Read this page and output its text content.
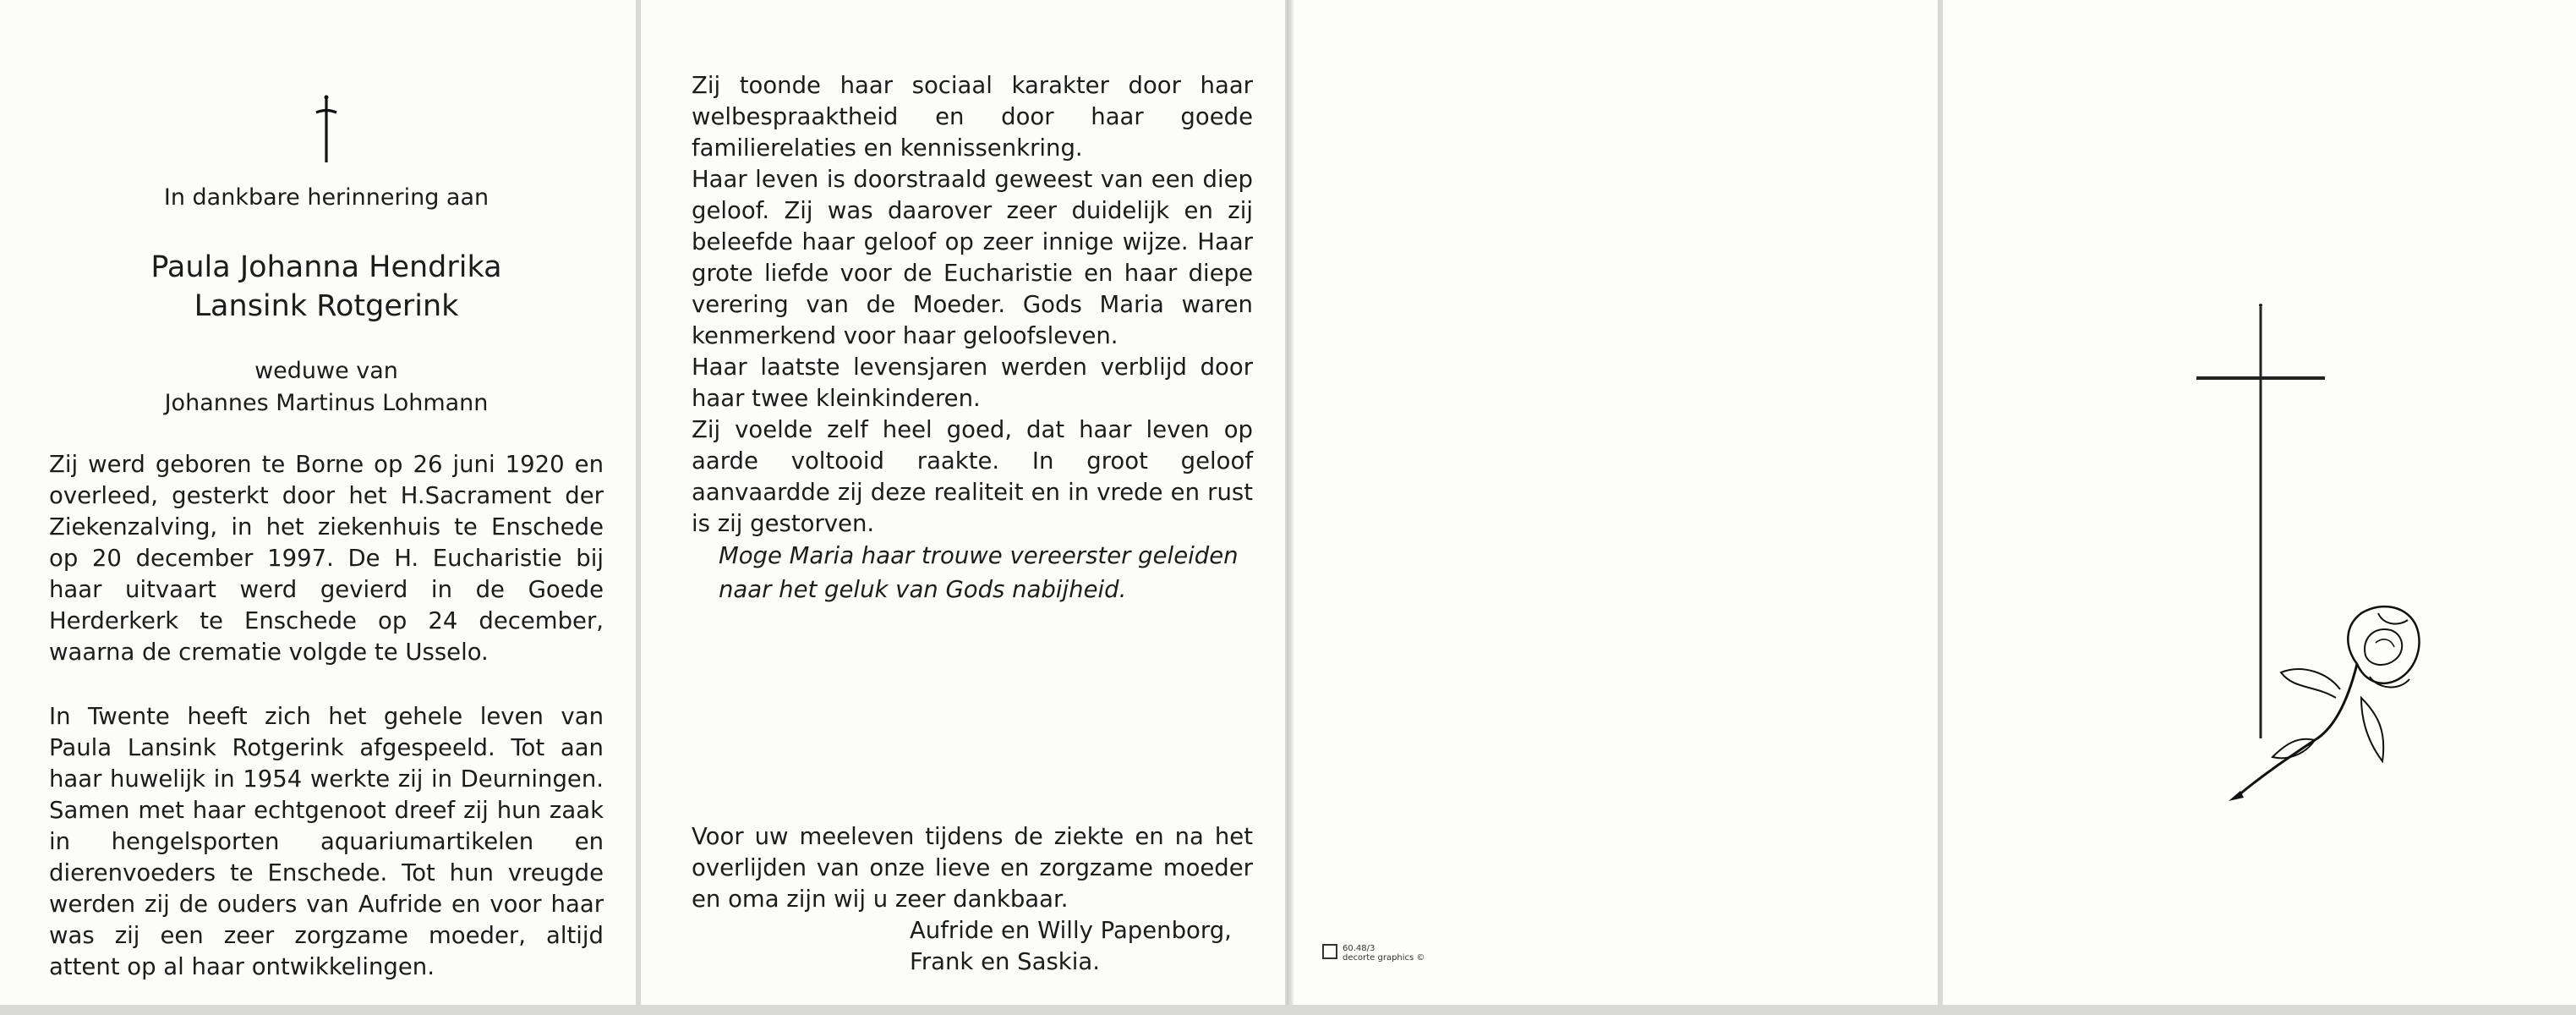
In dankbare herinnering aan
Paula Johanna Hendrika
Lansink Rotgerink
weduwe van
Johannes Martinus Lohmann

Zij werd geboren te Borne op 26 juni 1920 en overleed, gesterkt door het H.Sacrament der Ziekenzalving, in het ziekenhuis te Enschede op 20 december 1997. De H. Eucharistie bij haar uitvaart werd gevierd in de Goede Herderkerk te Enschede op 24 december, waarna de crematie volgde te Usselo.

In Twente heeft zich het gehele leven van Paula Lansink Rotgerink afgespeeld. Tot aan haar huwelijk in 1954 werkte zij in Deurningen. Samen met haar echtgenoot dreef zij hun zaak in hengelsporten aquariumartikelen en dierenvoeders te Enschede. Tot hun vreugde werden zij de ouders van Aufride en voor haar was zij een zeer zorgzame moeder, altijd attent op al haar ontwikkelingen.

Zij toonde haar sociaal karakter door haar welbespraaktheid en door haar goede familierelaties en kennissenkring.

Haar leven is doorstraald geweest van een diep geloof. Zij was daarover zeer duidelijk en zij beleefde haar geloof op zeer innige wijze. Haar grote liefde voor de Eucharistie en haar diepe verering van de Moeder. Gods Maria waren kenmerkend voor haar geloofsleven.

Haar laatste levensjaren werden verblijd door haar twee kleinkinderen.

Zij voelde zelf heel goed, dat haar leven op aarde voltooid raakte. In groot geloof aanvaardde zij deze realiteit en in vrede en rust is zij gestorven.

Moge Maria haar trouwe vereerster geleiden naar het geluk van Gods nabijheid.

Voor uw meeleven tijdens de ziekte en na het overlijden van onze lieve en zorgzame moeder en oma zijn wij u zeer dankbaar.

Aufride en Willy Papenborg,
Frank en Saskia.	60.48/3
decorte graphics ©
